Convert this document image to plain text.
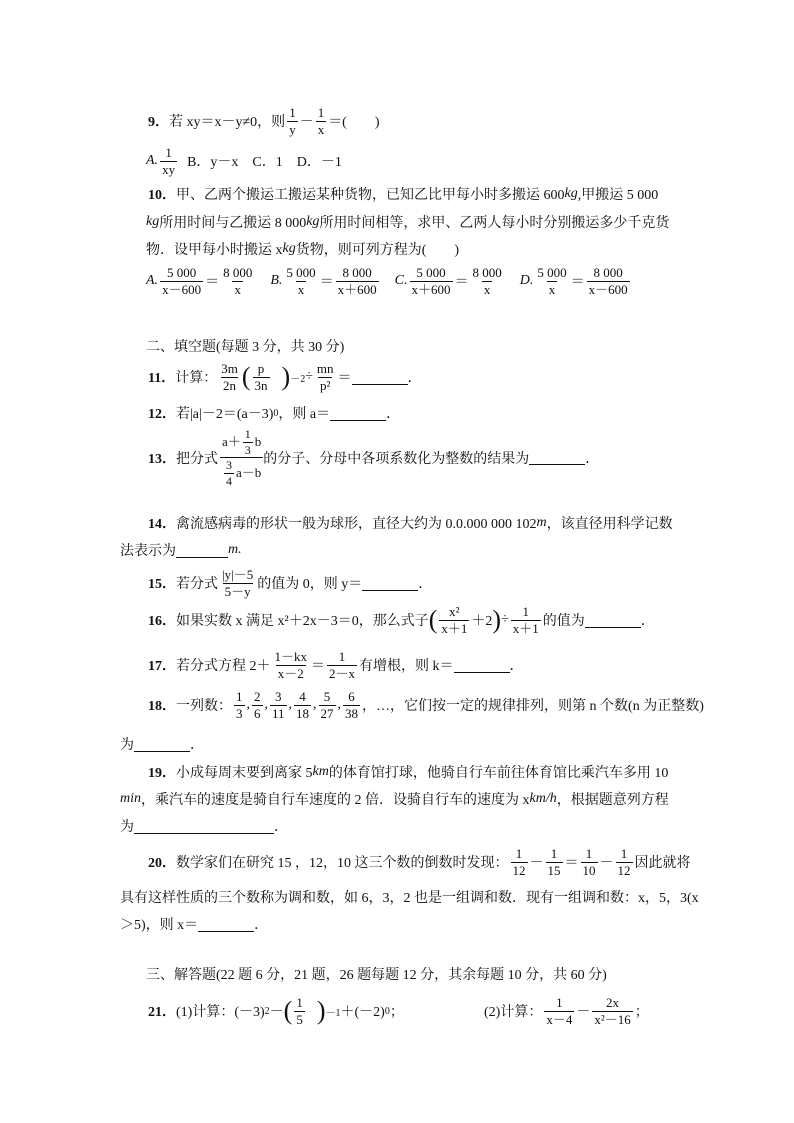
9． 若 xy＝x－y≠0，则 $\frac{1}{y} - \frac{1}{x}$ ＝(　　)
A. $\frac{1}{xy}$ B．y－x　C．1　D．－1
10． 甲、乙两个搬运工搬运某种货物，已知乙比甲每小时多搬运 600 kg ,甲搬运 5 000
kg 所用时间与乙搬运 8 000 kg 所用时间相等，求甲、乙两人每小时分别搬运多少千克货
物．设甲每小时搬运 x kg 货物，则可列方程为(　　)
A. $\frac{5 000}{x-600} = \frac{8 000}{x} B$. $\frac{5 000}{x} = \frac{8 000}{x+600} C$. $\frac{5 000}{x+600} = \frac{8 000}{x} D$. $\frac{5 000}{x} = \frac{8 000}{x-600}$
二、填空题(每题 3 分，共 30 分)
11． 计算： $\frac{3m}{2n}$ ( $\frac{p}{3n}$ ) $-2 \div \frac{mn}{\text{p²}}$ ＝	．
12． 若|a|－2＝(a－3) 0 ，则 a＝	．
13． 把分式 $\frac{a+ \frac{1}{3} b}{\frac{3}{4} a-b}$ 的分子、分母中各项系数化为整数的结果为	．
14． 禽流感病毒的形状一般为球形，直径大约为 0.0.000 000 102 m ，该直径用科学记数
法表示为	m.
15． 若分式 $\frac{|y|-5}{5-y}$ 的值为 0，则 y＝	．
16． 如果实数 x 满足 x²＋2x－3＝0，那么式子 ( $\frac{\text{x²}}{x+1} +2$ ) ÷ $\frac{1}{x+1}$ 的值为	．
17． 若分式方程 $2+ \frac{1-kx}{x-2} = \frac{1}{2-x}$ 有增根，则 k＝	．
18． 一列数： $\frac{1}{3}$ , $\frac{2}{6}$ , $\frac{3}{11}$ , $\frac{4}{18}$ , $\frac{5}{27}$ , $\frac{6}{38}$ ，…，它们按一定的规律排列，则第 n 个数(n 为正整数)
为	．
19． 小成每周末要到离家 5 km 的体育馆打球，他骑自行车前往体育馆比乘汽车多用 10
min ，乘汽车的速度是骑自行车速度的 2 倍．设骑自行车的速度为 x km/h ，根据题意列方程
为	．
20． 数学家们在研究 15 ，12，10 这三个数的倒数时发现： $\frac{1}{12} - \frac{1}{15} = \frac{1}{10} - \frac{1}{12}$ 因此就将
具有这样性质的三个数称为调和数，如 6，3，2 也是一组调和数．现有一组调和数：x，5，3(x
＞5)，则 x＝	．
三、解答题(22 题 6 分，21 题，26 题每题 12 分，其余每题 10 分，共 60 分)
21． (1)计算：(－3) 2 － ( $\frac{1}{5}$ ) －1 ＋(－2) 0 ；	(2)计算： $\frac{1}{x-4} - \frac{2x}{\text{x²－16}}$ ；
